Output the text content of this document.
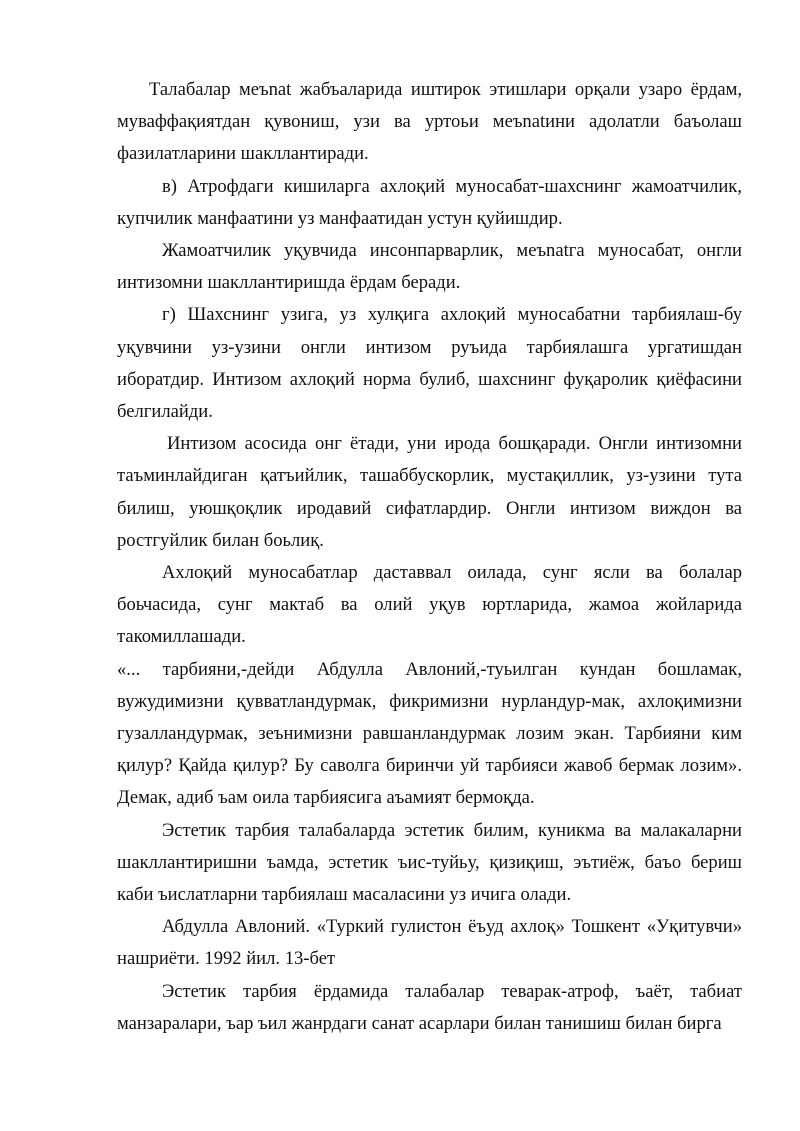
Талабалар меъnat жабъаларида иштирок этишлари орқали узаро ёрдам, муваффақиятдан қувониш, узи ва уртоьи меъnatини адолатли баъолаш фазилатларини шакллантиради.

в) Атрофдаги кишиларга ахлоқий муносабат-шахснинг жамоатчилик, купчилик манфаатини уз манфаатидан устун қуйишдир.

Жамоатчилик уқувчида инсонпарварлик, меъnatга муносабат, онгли интизомни шакллантиришда ёрдам беради.

г) Шахснинг узига, уз хулқига ахлоқий муносабатни тарбиялаш-бу уқувчини уз-узини онгли интизом руъида тарбиялашга ургатишдан иборатдир. Интизом ахлоқий норма булиб, шахснинг фуқаролик қиёфасини белгилайди.

Интизом асосида онг ётади, уни ирода бошқаради. Онгли интизомни таъминлайдиган қатъийлик, ташаббускорлик, мустақиллик, уз-узини тута билиш, уюшқоқлик иродавий сифатлардир. Онгли интизом виждон ва ростгуйлик билан боьлиқ.

Ахлоқий муносабатлар даставвал оилада, сунг ясли ва болалар боьчасида, сунг мактаб ва олий уқув юртларида, жамоа жойларида такомиллашади.

«... тарбияни,-дейди Абдулла Авлоний,-туьилган кундан бошламак, вужудимизни қувватландурмак, фикримизни нурландур-мак, ахлоқимизни гузалландурмак, зеънимизни равшанландурмак лозим экан. Тарбияни ким қилур? Қайда қилур? Бу саволга биринчи уй тарбияси жавоб бермак лозим». Демак, адиб ъам оила тарбиясига аъамият бермоқда.

Эстетик тарбия талабаларда эстетик билим, куникма ва малакаларни шакллантиришни ъамда, эстетик ъис-туйьу, қизиқиш, эътиёж, баъо бериш каби ъислатларни тарбиялаш масаласини уз ичига олади.

Абдулла Авлоний. «Туркий гулистон ёъуд ахлоқ» Тошкент «Уқитувчи» нашриёти. 1992 йил. 13-бет

Эстетик тарбия ёрдамида талабалар теварак-атроф, ъаёт, табиат манзаралари, ъар ъил жанрдаги санат асарлари билан танишиш билан бирга
